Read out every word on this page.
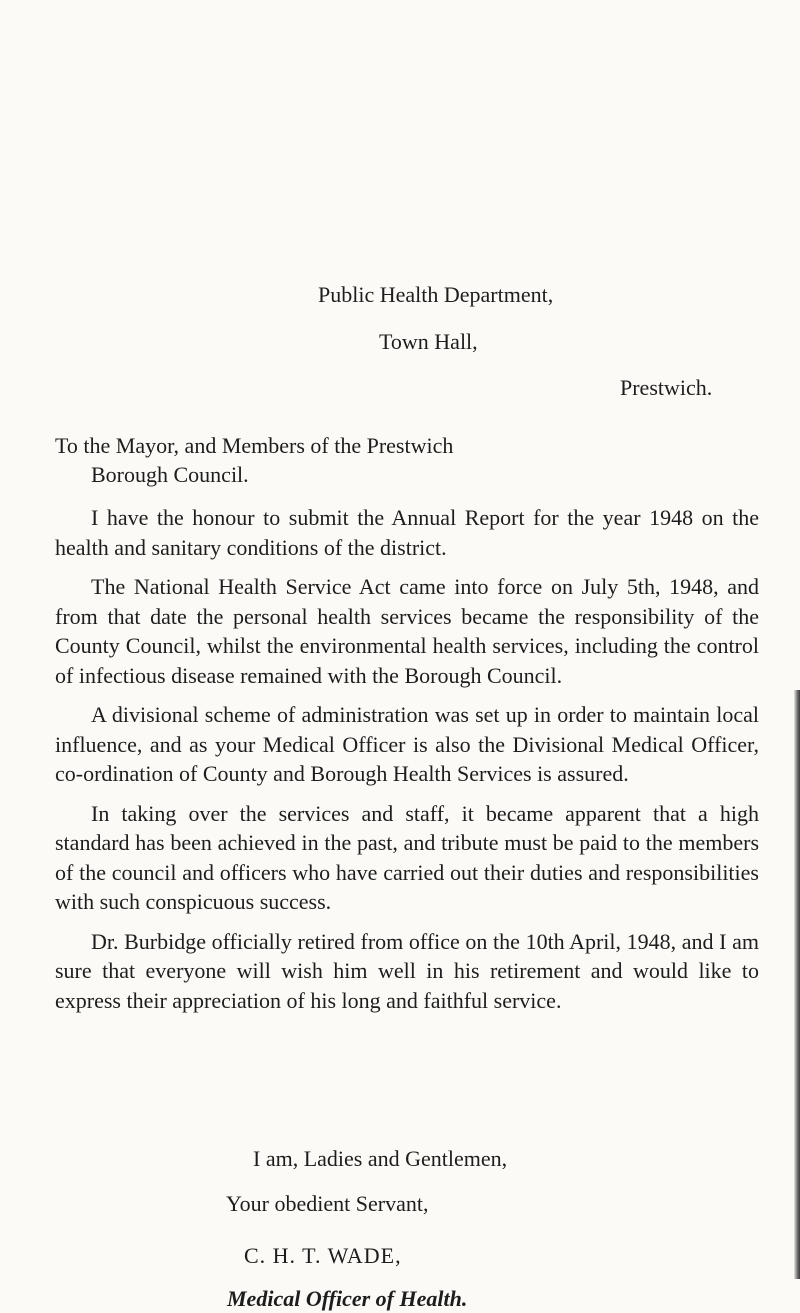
Public Health Department,
Town Hall,
Prestwich.
To the Mayor, and Members of the Prestwich
Borough Council.

I have the honour to submit the Annual Report for the year 1948 on the health and sanitary conditions of the district.

The National Health Service Act came into force on July 5th, 1948, and from that date the personal health services became the responsibility of the County Council, whilst the environmental health services, including the control of infectious disease remained with the Borough Council.

A divisional scheme of administration was set up in order to maintain local influence, and as your Medical Officer is also the Divisional Medical Officer, co-ordination of County and Borough Health Services is assured.

In taking over the services and staff, it became apparent that a high standard has been achieved in the past, and tribute must be paid to the members of the council and officers who have carried out their duties and responsibilities with such conspicuous success.

Dr. Burbidge officially retired from office on the 10th April, 1948, and I am sure that everyone will wish him well in his retirement and would like to express their appreciation of his long and faithful service.

I am, Ladies and Gentlemen,
Your obedient Servant,
C. H. T. WADE,
Medical Officer of Health.
